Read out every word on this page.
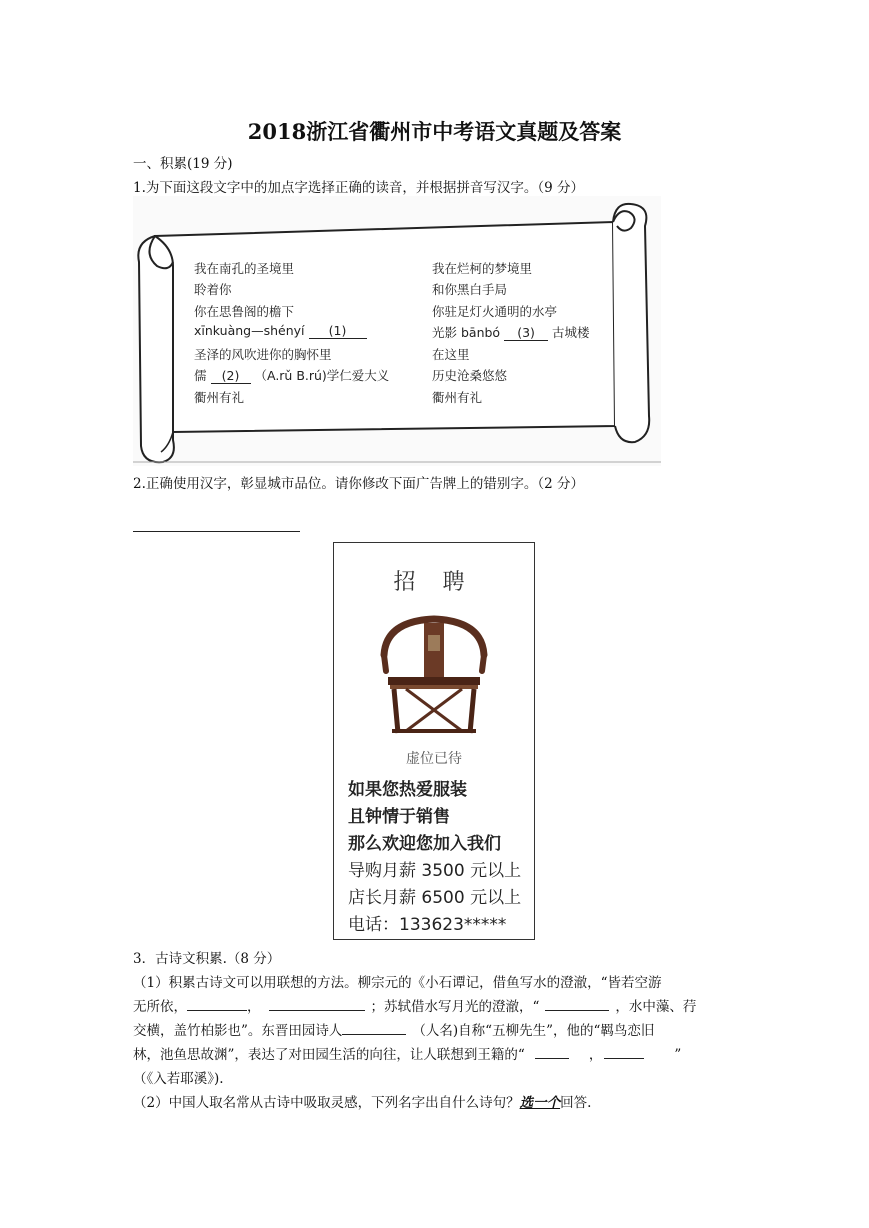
2018浙江省衢州市中考语文真题及答案
一、积累(19 分)
1.为下面这段文字中的加点字选择正确的读音，并根据拼音写汉字。（9 分）
我在南孔的圣境里
聆着你
你在思鲁阁的檐下
xīnkuàng—shényí (1)
圣泽的风吹进你的胸怀里
儒 (2) （A.rǔ B.rú)学仁爱大义
衢州有礼
我在烂柯的梦境里
和你黑白手局
你驻足灯火通明的水亭
光影 bānbó (3) 古城楼
在这里
历史沧桑悠悠
衢州有礼
2.正确使用汉字，彰显城市品位。请你修改下面广告牌上的错别字。（2 分）
招 聘
虚位已待
如果您热爱服装
且钟情于销售
那么欢迎您加入我们
导购月薪 3500 元以上
店长月薪 6500 元以上
电话：133623*****
3．古诗文积累.（8 分）
（1）积累古诗文可以用联想的方法。柳宗元的《小石谭记，借鱼写水的澄澈，“皆若空游
无所依，	，	；苏轼借水写月光的澄澈，“	，水中藻、荇
交横，盖竹柏影也”。东晋田园诗人	（人名)自称“五柳先生”，他的“羁鸟恋旧
林，池鱼思故渊”，表达了对田园生活的向往，让人联想到王籍的“	，	”
（《入若耶溪》).
（2）中国人取名常从古诗中吸取灵感，下列名字出自什么诗句？选一个回答.
